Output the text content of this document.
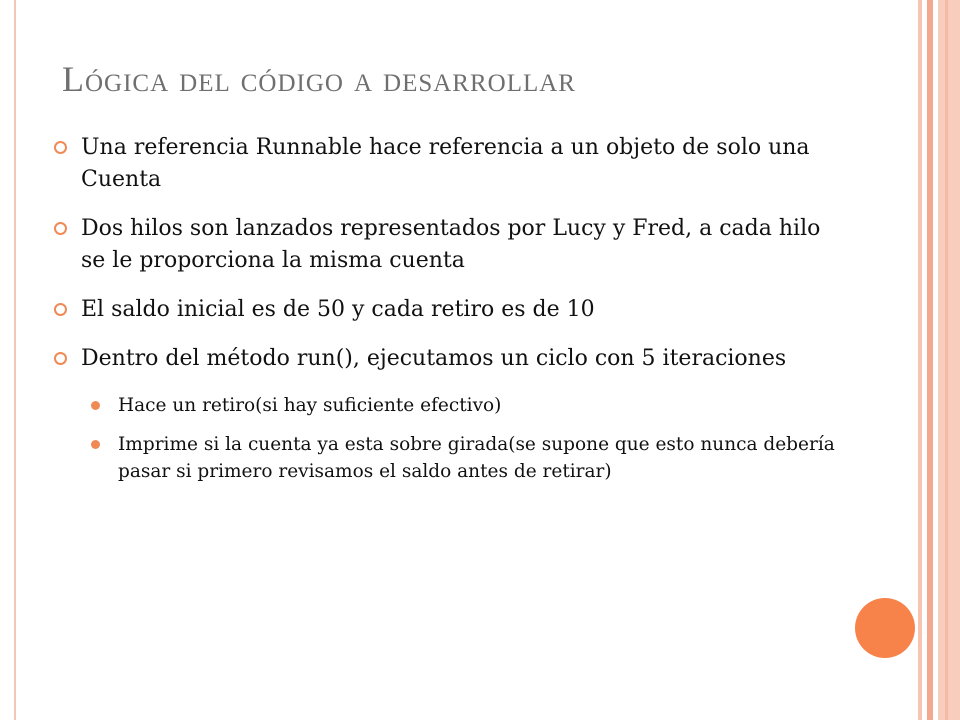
Lógica del código a desarrollar
Una referencia Runnable hace referencia a un objeto de solo una Cuenta
Dos hilos son lanzados representados por Lucy y Fred, a cada hilo se le proporciona la misma cuenta
El saldo inicial es de 50 y cada retiro es de 10
Dentro del método run(), ejecutamos un ciclo con 5 iteraciones
Hace un retiro(si hay suficiente efectivo)
Imprime si la cuenta ya esta sobre girada(se supone que esto nunca debería pasar si primero revisamos el saldo antes de retirar)
